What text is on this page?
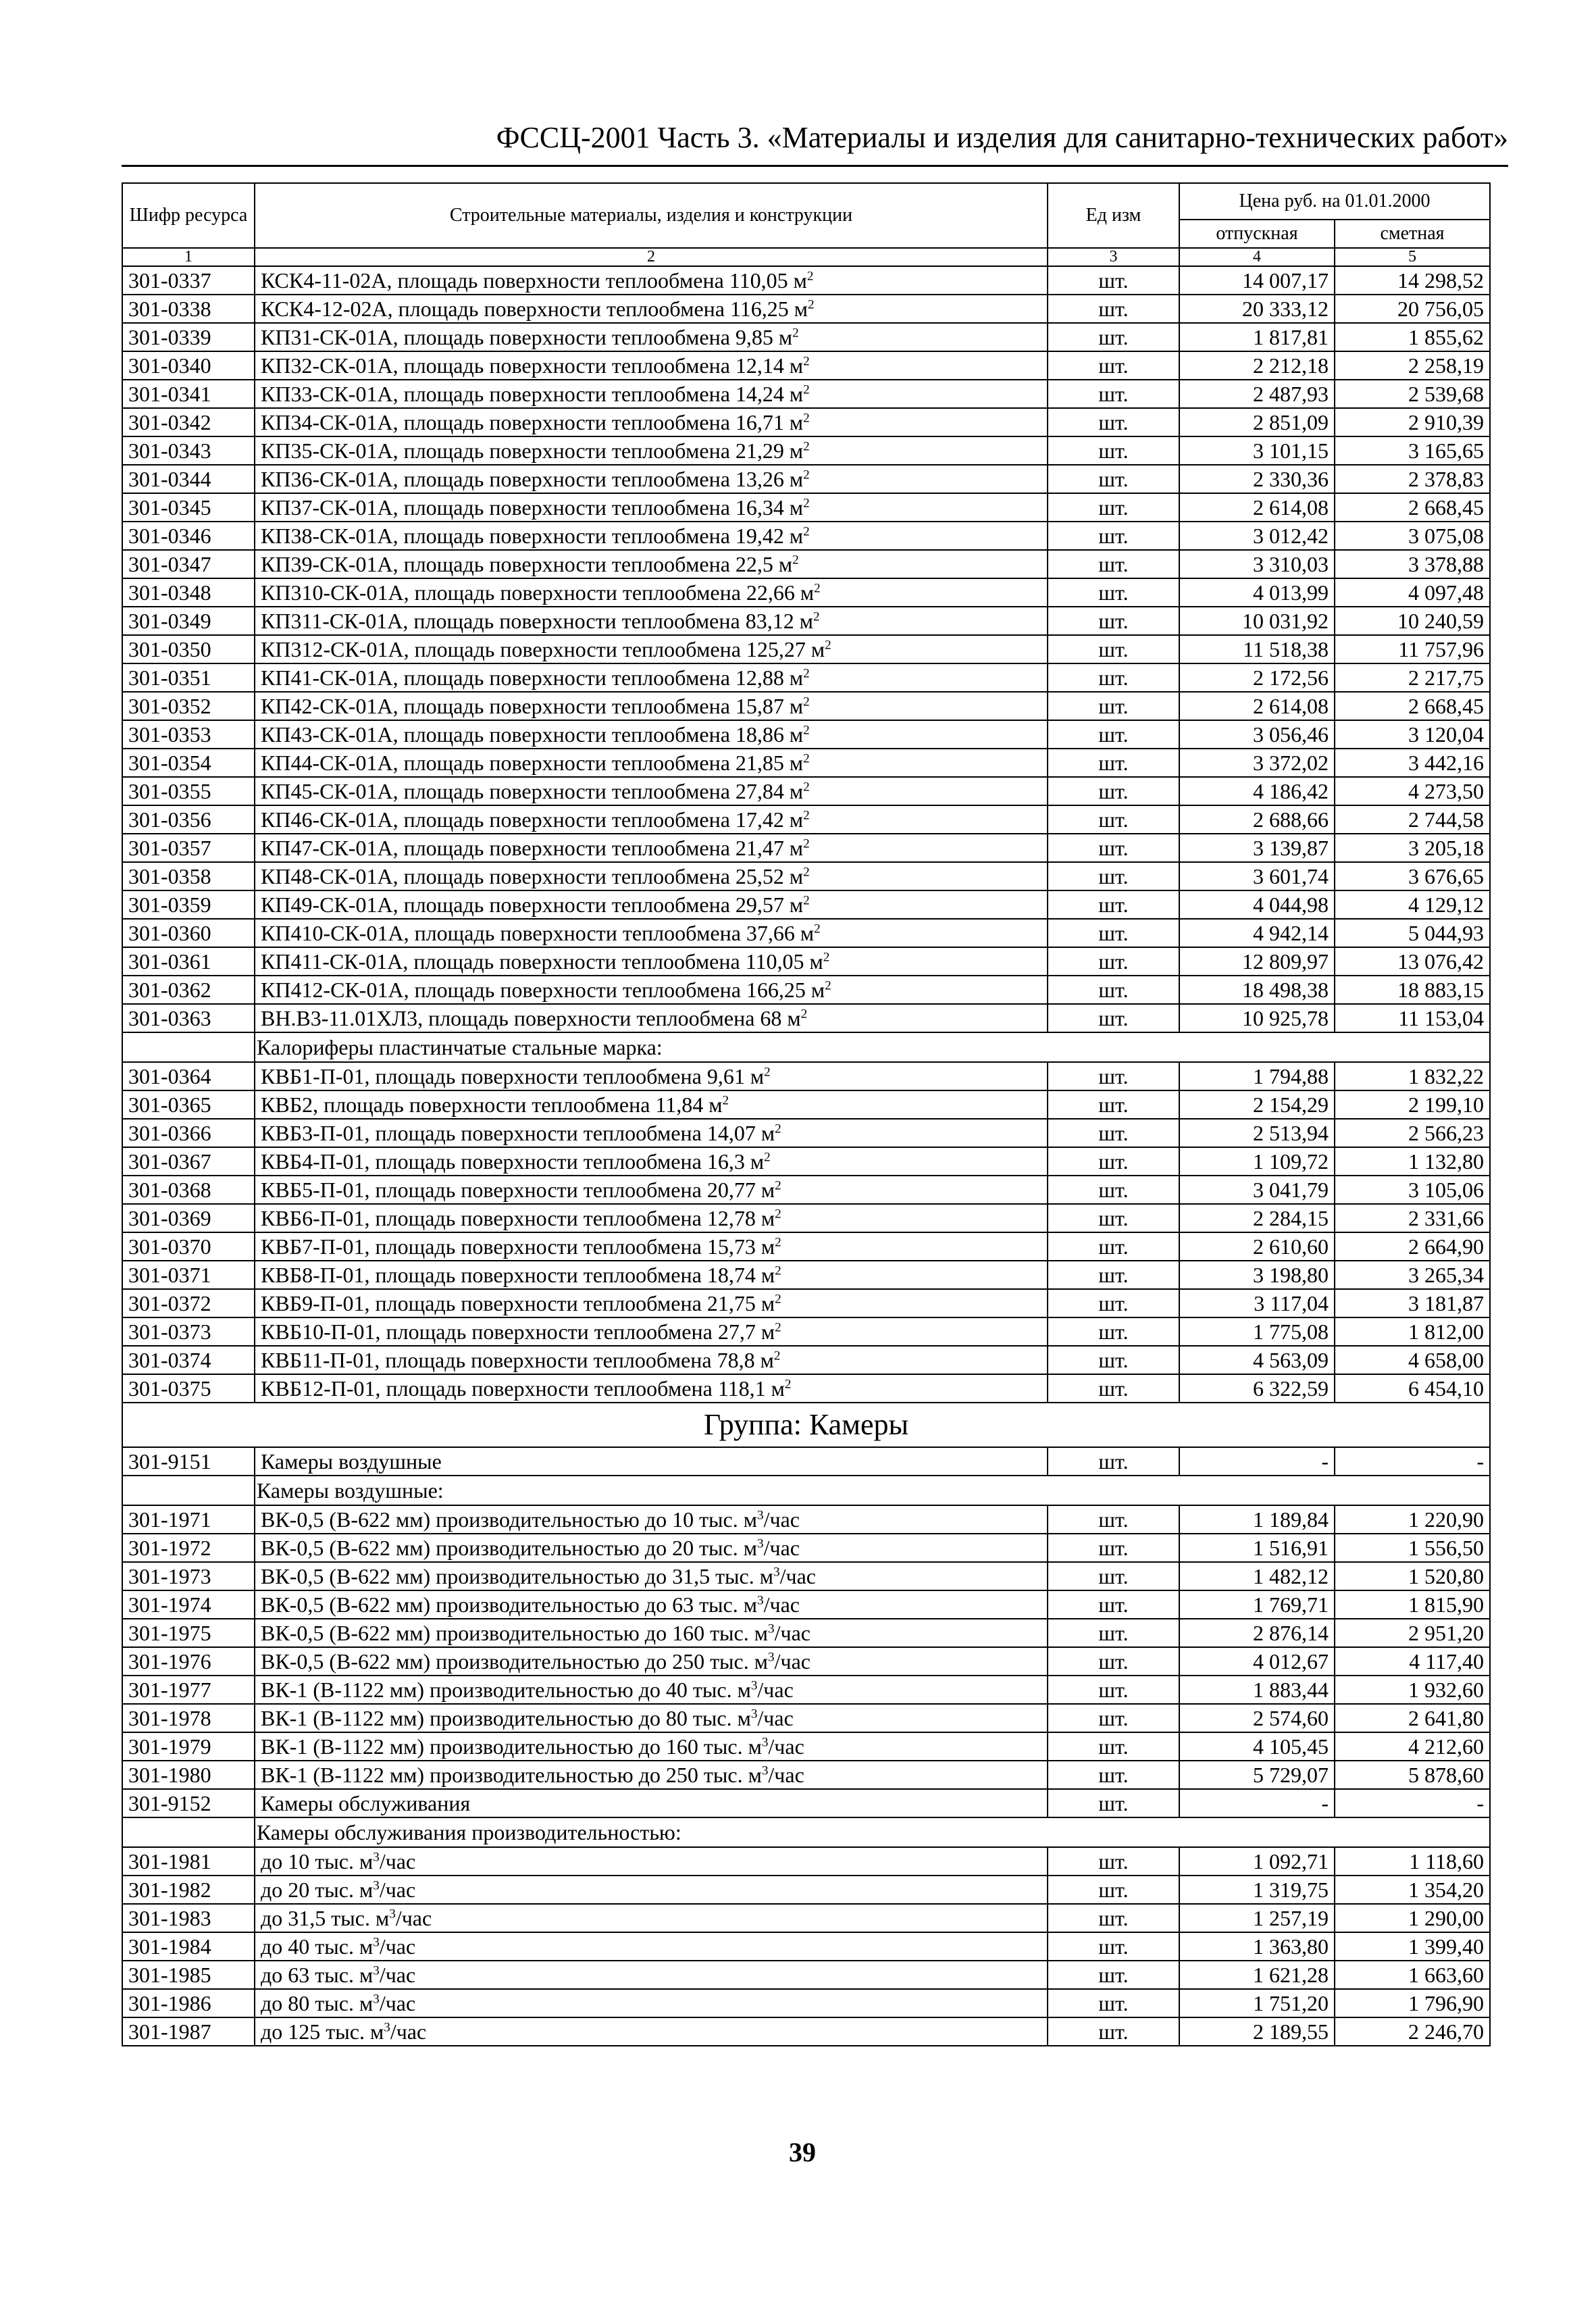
ФССЦ-2001 Часть 3. «Материалы и изделия для санитарно-технических работ»
Шифр ресурса	Строительные материалы, изделия и конструкции	Ед изм	Цена руб. на 01.01.2000	
			отпускная	сметная
1	2	3	4	5
301-0337	КСК4-11-02А, площадь поверхности теплообмена 110,05 $м^2$	шт.	14 007,17	14 298,52
301-0338	КСК4-12-02А, площадь поверхности теплообмена 116,25 $м^2$	шт.	20 333,12	20 756,05
301-0339	КП31-СК-01А, площадь поверхности теплообмена 9,85 $м^2$	шт.	1 817,81	1 855,62
301-0340	КП32-СК-01А, площадь поверхности теплообмена 12,14 $м^2$	шт.	2 212,18	2 258,19
301-0341	КП33-СК-01А, площадь поверхности теплообмена 14,24 $м^2$	шт.	2 487,93	2 539,68
301-0342	КП34-СК-01А, площадь поверхности теплообмена 16,71 $м^2$	шт.	2 851,09	2 910,39
301-0343	КП35-СК-01А, площадь поверхности теплообмена 21,29 $м^2$	шт.	3 101,15	3 165,65
301-0344	КП36-СК-01А, площадь поверхности теплообмена 13,26 $м^2$	шт.	2 330,36	2 378,83
301-0345	КП37-СК-01А, площадь поверхности теплообмена 16,34 $м^2$	шт.	2 614,08	2 668,45
301-0346	КП38-СК-01А, площадь поверхности теплообмена 19,42 $м^2$	шт.	3 012,42	3 075,08
301-0347	КП39-СК-01А, площадь поверхности теплообмена 22,5 $м^2$	шт.	3 310,03	3 378,88
301-0348	КП310-СК-01А, площадь поверхности теплообмена 22,66 $м^2$	шт.	4 013,99	4 097,48
301-0349	КП311-СК-01А, площадь поверхности теплообмена 83,12 $м^2$	шт.	10 031,92	10 240,59
301-0350	КП312-СК-01А, площадь поверхности теплообмена 125,27 $м^2$	шт.	11 518,38	11 757,96
301-0351	КП41-СК-01А, площадь поверхности теплообмена 12,88 $м^2$	шт.	2 172,56	2 217,75
301-0352	КП42-СК-01А, площадь поверхности теплообмена 15,87 $м^2$	шт.	2 614,08	2 668,45
301-0353	КП43-СК-01А, площадь поверхности теплообмена 18,86 $м^2$	шт.	3 056,46	3 120,04
301-0354	КП44-СК-01А, площадь поверхности теплообмена 21,85 $м^2$	шт.	3 372,02	3 442,16
301-0355	КП45-СК-01А, площадь поверхности теплообмена 27,84 $м^2$	шт.	4 186,42	4 273,50
301-0356	КП46-СК-01А, площадь поверхности теплообмена 17,42 $м^2$	шт.	2 688,66	2 744,58
301-0357	КП47-СК-01А, площадь поверхности теплообмена 21,47 $м^2$	шт.	3 139,87	3 205,18
301-0358	КП48-СК-01А, площадь поверхности теплообмена 25,52 $м^2$	шт.	3 601,74	3 676,65
301-0359	КП49-СК-01А, площадь поверхности теплообмена 29,57 $м^2$	шт.	4 044,98	4 129,12
301-0360	КП410-СК-01А, площадь поверхности теплообмена 37,66 $м^2$	шт.	4 942,14	5 044,93
301-0361	КП411-СК-01А, площадь поверхности теплообмена 110,05 $м^2$	шт.	12 809,97	13 076,42
301-0362	КП412-СК-01А, площадь поверхности теплообмена 166,25 $м^2$	шт.	18 498,38	18 883,15
301-0363	ВН.В3-11.01ХЛ3, площадь поверхности теплообмена 68 $м^2$	шт.	10 925,78	11 153,04
	Калориферы пластинчатые стальные марка:			
301-0364	КВБ1-П-01, площадь поверхности теплообмена 9,61 $м^2$	шт.	1 794,88	1 832,22
301-0365	КВБ2, площадь поверхности теплообмена 11,84 $м^2$	шт.	2 154,29	2 199,10
301-0366	КВБ3-П-01, площадь поверхности теплообмена 14,07 $м^2$	шт.	2 513,94	2 566,23
301-0367	КВБ4-П-01, площадь поверхности теплообмена 16,3 $м^2$	шт.	1 109,72	1 132,80
301-0368	КВБ5-П-01, площадь поверхности теплообмена 20,77 $м^2$	шт.	3 041,79	3 105,06
301-0369	КВБ6-П-01, площадь поверхности теплообмена 12,78 $м^2$	шт.	2 284,15	2 331,66
301-0370	КВБ7-П-01, площадь поверхности теплообмена 15,73 $м^2$	шт.	2 610,60	2 664,90
301-0371	КВБ8-П-01, площадь поверхности теплообмена 18,74 $м^2$	шт.	3 198,80	3 265,34
301-0372	КВБ9-П-01, площадь поверхности теплообмена 21,75 $м^2$	шт.	3 117,04	3 181,87
301-0373	КВБ10-П-01, площадь поверхности теплообмена 27,7 $м^2$	шт.	1 775,08	1 812,00
301-0374	КВБ11-П-01, площадь поверхности теплообмена 78,8 $м^2$	шт.	4 563,09	4 658,00
301-0375	КВБ12-П-01, площадь поверхности теплообмена 118,1 $м^2$	шт.	6 322,59	6 454,10
Группа: Камеры				
301-9151	Камеры воздушные	шт.	-	-
	Камеры воздушные:			
301-1971	ВК-0,5 (В-622 мм) производительностью до 10 тыс. $м^3$/час	шт.	1 189,84	1 220,90
301-1972	ВК-0,5 (В-622 мм) производительностью до 20 тыс. $м^3$/час	шт.	1 516,91	1 556,50
301-1973	ВК-0,5 (В-622 мм) производительностью до 31,5 тыс. $м^3$/час	шт.	1 482,12	1 520,80
301-1974	ВК-0,5 (В-622 мм) производительностью до 63 тыс. $м^3$/час	шт.	1 769,71	1 815,90
301-1975	ВК-0,5 (В-622 мм) производительностью до 160 тыс. $м^3$/час	шт.	2 876,14	2 951,20
301-1976	ВК-0,5 (В-622 мм) производительностью до 250 тыс. $м^3$/час	шт.	4 012,67	4 117,40
301-1977	ВК-1 (В-1122 мм) производительностью до 40 тыс. $м^3$/час	шт.	1 883,44	1 932,60
301-1978	ВК-1 (В-1122 мм) производительностью до 80 тыс. $м^3$/час	шт.	2 574,60	2 641,80
301-1979	ВК-1 (В-1122 мм) производительностью до 160 тыс. $м^3$/час	шт.	4 105,45	4 212,60
301-1980	ВК-1 (В-1122 мм) производительностью до 250 тыс. $м^3$/час	шт.	5 729,07	5 878,60
301-9152	Камеры обслуживания	шт.	-	-
	Камеры обслуживания производительностью:			
301-1981	до 10 тыс. $м^3$/час	шт.	1 092,71	1 118,60
301-1982	до 20 тыс. $м^3$/час	шт.	1 319,75	1 354,20
301-1983	до 31,5 тыс. $м^3$/час	шт.	1 257,19	1 290,00
301-1984	до 40 тыс. $м^3$/час	шт.	1 363,80	1 399,40
301-1985	до 63 тыс. $м^3$/час	шт.	1 621,28	1 663,60
301-1986	до 80 тыс. $м^3$/час	шт.	1 751,20	1 796,90
301-1987	до 125 тыс. $м^3$/час	шт.	2 189,55	2 246,70
39
